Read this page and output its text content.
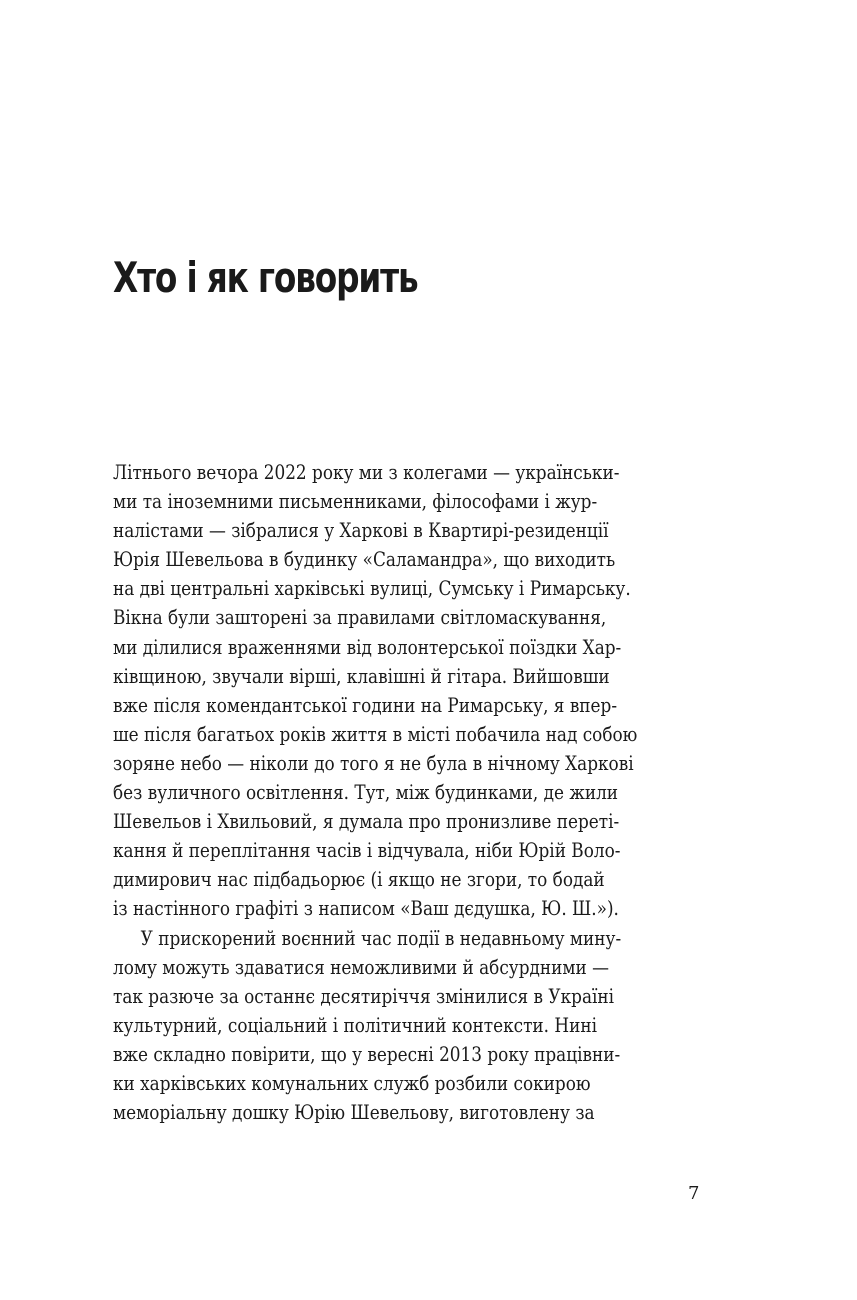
Хто і як говорить
Літнього вечора 2022 року ми з колегами — українськи-
ми та іноземними письменниками, філософами і жур-
налістами — зібралися у Харкові в Квартирі-резиденції
Юрія Шевельова в будинку «Саламандра», що виходить
на дві центральні харківські вулиці, Сумську і Римарську.
Вікна були зашторені за правилами світломаскування,
ми ділилися враженнями від волонтерської поїздки Хар-
ківщиною, звучали вірші, клавішні й гітара. Вийшовши
вже після комендантської години на Римарську, я впер-
ше після багатьох років життя в місті побачила над собою
зоряне небо — ніколи до того я не була в нічному Харкові
без вуличного освітлення. Тут, між будинками, де жили
Шевельов і Хвильовий, я думала про пронизливе переті-
кання й переплітання часів і відчувала, ніби Юрій Воло-
димирович нас підбадьорює (і якщо не згори, то бодай
із настінного графіті з написом «Ваш дєдушка, Ю. Ш.»).
У прискорений воєнний час події в недавньому мину-
лому можуть здаватися неможливими й абсурдними —
так разюче за останнє десятиріччя змінилися в Україні
культурний, соціальний і політичний контексти. Нині
вже складно повірити, що у вересні 2013 року працівни-
ки харківських комунальних служб розбили сокирою
меморіальну дошку Юрію Шевельову, виготовлену за
7
